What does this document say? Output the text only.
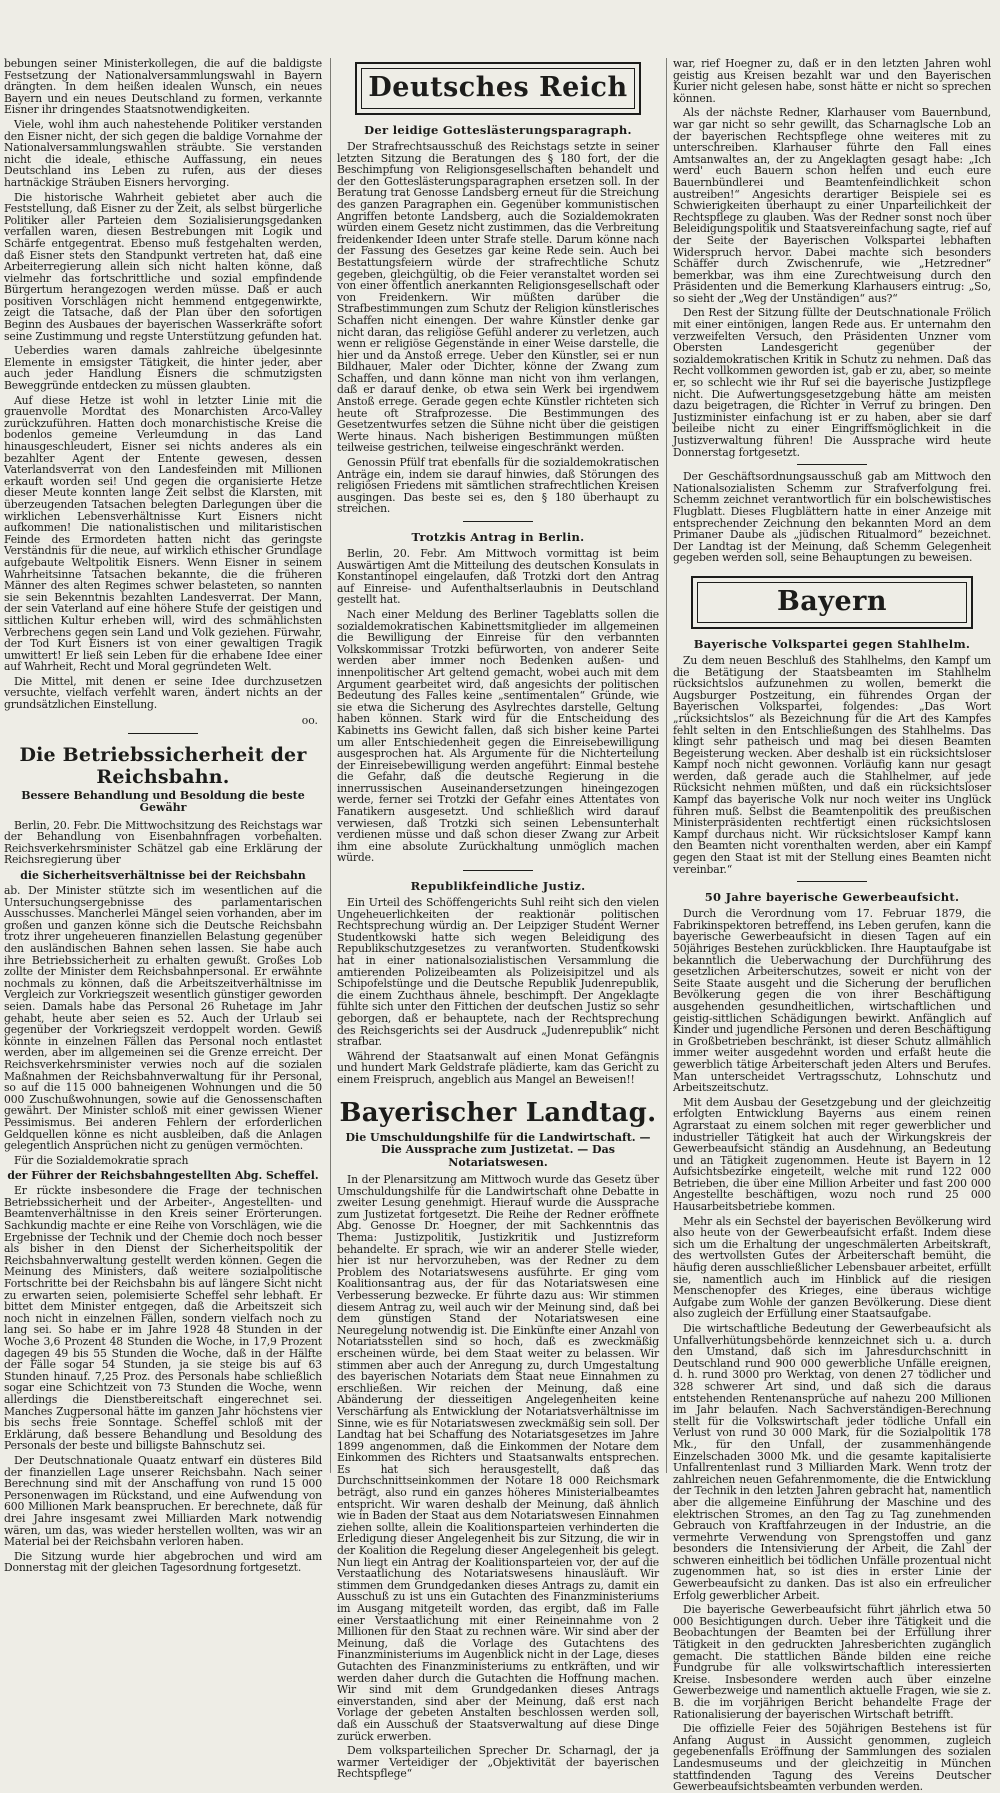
bebungen seiner Ministerkollegen, die auf die baldigste Festsetzung der Nationalversammlungswahl in Bayern drängten. In dem heißen idealen Wunsch, ein neues Bayern und ein neues Deutschland zu formen, verkannte Eisner ihr dringendes Staatsnotwendigkeiten.

Viele, wohl ihm auch nahestehende Politiker verstanden den Eisner nicht, der sich gegen die baldige Vornahme der Nationalversammlungswahlen sträubte. Sie verstanden nicht die ideale, ethische Auffassung, ein neues Deutschland ins Leben zu rufen, aus der dieses hartnäckige Sträuben Eisners hervorging.

Die historische Wahrheit gebietet aber auch die Feststellung, daß Eisner zu der Zeit, als selbst bürgerliche Politiker aller Parteien dem Sozialisierungsgedanken verfallen waren, diesen Bestrebungen mit Logik und Schärfe entgegentrat. Ebenso muß festgehalten werden, daß Eisner stets den Standpunkt vertreten hat, daß eine Arbeiterregierung allein sich nicht halten könne, daß vielmehr das fortschrittliche und sozial empfindende Bürgertum herangezogen werden müsse. Daß er auch positiven Vorschlägen nicht hemmend entgegenwirkte, zeigt die Tatsache, daß der Plan über den sofortigen Beginn des Ausbaues der bayerischen Wasserkräfte sofort seine Zustimmung und regste Unterstützung gefunden hat.

Ueberdies waren damals zahlreiche übelgesinnte Elemente in emsigster Tätigkeit, die hinter jeder, aber auch jeder Handlung Eisners die schmutzigsten Beweggründe entdecken zu müssen glaubten.

Auf diese Hetze ist wohl in letzter Linie mit die grauenvolle Mordtat des Monarchisten Arco-Valley zurückzuführen. Hatten doch monarchistische Kreise die bodenlos gemeine Verleumdung in das Land hinausgeschleudert, Eisner sei nichts anderes als ein bezahlter Agent der Entente gewesen, dessen Vaterlandsverrat von den Landesfeinden mit Millionen erkauft worden sei! Und gegen die organisierte Hetze dieser Meute konnten lange Zeit selbst die Klarsten, mit überzeugenden Tatsachen belegten Darlegungen über die wirklichen Lebensverhältnisse Kurt Eisners nicht aufkommen! Die nationalistischen und militaristischen Feinde des Ermordeten hatten nicht das geringste Verständnis für die neue, auf wirklich ethischer Grundlage aufgebaute Weltpolitik Eisners. Wenn Eisner in seinem Wahrheitsinne Tatsachen bekannte, die die früheren Männer des alten Regimes schwer belasteten, so nannten sie sein Bekenntnis bezahlten Landesverrat. Der Mann, der sein Vaterland auf eine höhere Stufe der geistigen und sittlichen Kultur erheben will, wird des schmählichsten Verbrechens gegen sein Land und Volk geziehen. Fürwahr, der Tod Kurt Eisners ist von einer gewaltigen Tragik umwittert! Er ließ sein Leben für die erhabene Idee einer auf Wahrheit, Recht und Moral gegründeten Welt.

Die Mittel, mit denen er seine Idee durchzusetzen versuchte, vielfach verfehlt waren, ändert nichts an der grundsätzlichen Einstellung.

oo.
Die Betriebssicherheit der Reichsbahn.
Bessere Behandlung und Besoldung die beste Gewähr

Berlin, 20. Febr. Die Mittwochsitzung des Reichstags war der Behandlung von Eisenbahnfragen vorbehalten. Reichsverkehrsminister Schätzel gab eine Erklärung der Reichsregierung über

die Sicherheitsverhältnisse bei der Reichsbahn

ab. Der Minister stützte sich im wesentlichen auf die Untersuchungsergebnisse des parlamentarischen Ausschusses. Mancherlei Mängel seien vorhanden, aber im großen und ganzen könne sich die Deutsche Reichsbahn trotz ihrer ungeheueren finanziellen Belastung gegenüber den ausländischen Bahnen sehen lassen. Sie habe auch ihre Betriebssicherheit zu erhalten gewußt. Großes Lob zollte der Minister dem Reichsbahnpersonal. Er erwähnte nochmals zu können, daß die Arbeitszeitverhältnisse im Vergleich zur Vorkriegszeit wesentlich günstiger geworden seien. Damals habe das Personal 26 Ruhetage im Jahr gehabt, heute aber seien es 52. Auch der Urlaub sei gegenüber der Vorkriegszeit verdoppelt worden. Gewiß könnte in einzelnen Fällen das Personal noch entlastet werden, aber im allgemeinen sei die Grenze erreicht. Der Reichsverkehrsminister verwies noch auf die sozialen Maßnahmen der Reichsbahnverwaltung für ihr Personal, so auf die 115 000 bahneigenen Wohnungen und die 50 000 Zuschußwohnungen, sowie auf die Genossenschaften gewährt. Der Minister schloß mit einer gewissen Wiener Pessimismus. Bei anderen Fehlern der erforderlichen Geldquellen könne es nicht ausbleiben, daß die Anlagen gelegentlich Ansprüchen nicht zu genügen vermöchten.

Für die Sozialdemokratie sprach

der Führer der Reichsbahngestellten Abg. Scheffel.

Er rückte insbesondere die Frage der technischen Betriebssicherheit und der Arbeiter-, Angestellten- und Beamtenverhältnisse in den Kreis seiner Erörterungen. Sachkundig machte er eine Reihe von Vorschlägen, wie die Ergebnisse der Technik und der Chemie doch noch besser als bisher in den Dienst der Sicherheitspolitik der Reichsbahnverwaltung gestellt werden können. Gegen die Meinung des Ministers, daß weitere sozialpolitische Fortschritte bei der Reichsbahn bis auf längere Sicht nicht zu erwarten seien, polemisierte Scheffel sehr lebhaft. Er bittet dem Minister entgegen, daß die Arbeitszeit sich noch nicht in einzelnen Fällen, sondern vielfach noch zu lang sei. So habe er im Jahre 1928 48 Stunden in der Woche 3,6 Prozent 48 Stunden die Woche, in 17,9 Prozent dagegen 49 bis 55 Stunden die Woche, daß in der Hälfte der Fälle sogar 54 Stunden, ja sie steige bis auf 63 Stunden hinauf. 7,25 Proz. des Personals habe schließlich sogar eine Schichtzeit von 73 Stunden die Woche, wenn allerdings die Dienstbereitschaft eingerechnet sei. Manches Zugpersonal hätte im ganzen Jahr höchstens vier bis sechs freie Sonntage. Scheffel schloß mit der Erklärung, daß bessere Behandlung und Besoldung des Personals der beste und billigste Bahnschutz sei.

Der Deutschnationale Quaatz entwarf ein düsteres Bild der finanziellen Lage unserer Reichsbahn. Nach seiner Berechnung sind mit der Anschaffung von rund 15 000 Personenwagen im Rückstand, und eine Aufwendung von 600 Millionen Mark beanspruchen. Er berechnete, daß für drei Jahre insgesamt zwei Milliarden Mark notwendig wären, um das, was wieder herstellen wollten, was wir an Material bei der Reichsbahn verloren haben.

Die Sitzung wurde hier abgebrochen und wird am Donnerstag mit der gleichen Tagesordnung fortgesetzt.

Deutsches Reich
Der leidige Gotteslästerungsparagraph.

Der Strafrechtsausschuß des Reichstags setzte in seiner letzten Sitzung die Beratungen des § 180 fort, der die Beschimpfung von Religionsgesellschaften behandelt und der den Gotteslästerungsparagraphen ersetzen soll. In der Beratung trat Genosse Landsberg erneut für die Streichung des ganzen Paragraphen ein. Gegenüber kommunistischen Angriffen betonte Landsberg, auch die Sozialdemokraten würden einem Gesetz nicht zustimmen, das die Verbreitung freidenkender Ideen unter Strafe stelle. Darum könne nach der Fassung des Gesetzes gar keine Rede sein. Auch bei Bestattungsfeiern würde der strafrechtliche Schutz gegeben, gleichgültig, ob die Feier veranstaltet worden sei von einer öffentlich anerkannten Religionsgesellschaft oder von Freidenkern. Wir müßten darüber die Strafbestimmungen zum Schutz der Religion künstlerisches Schaffen nicht einengen. Der wahre Künstler denke gar nicht daran, das religiöse Gefühl anderer zu verletzen, auch wenn er religiöse Gegenstände in einer Weise darstelle, die hier und da Anstoß errege. Ueber den Künstler, sei er nun Bildhauer, Maler oder Dichter, könne der Zwang zum Schaffen, und dann könne man nicht von ihm verlangen, daß er darauf denke, ob etwa sein Werk bei irgendwem Anstoß errege. Gerade gegen echte Künstler richteten sich heute oft Strafprozesse. Die Bestimmungen des Gesetzentwurfes setzen die Sühne nicht über die geistigen Werte hinaus. Nach bisherigen Bestimmungen müßten teilweise gestrichen, teilweise eingeschränkt werden.

Genossin Pfülf trat ebenfalls für die sozialdemokratischen Anträge ein, indem sie darauf hinwies, daß Störungen des religiösen Friedens mit sämtlichen strafrechtlichen Kreisen ausgingen. Das beste sei es, den § 180 überhaupt zu streichen.

Trotzkis Antrag in Berlin.

Berlin, 20. Febr. Am Mittwoch vormittag ist beim Auswärtigen Amt die Mitteilung des deutschen Konsulats in Konstantinopel eingelaufen, daß Trotzki dort den Antrag auf Einreise- und Aufenthaltserlaubnis in Deutschland gestellt hat.

Nach einer Meldung des Berliner Tageblatts sollen die sozialdemokratischen Kabinettsmitglieder im allgemeinen die Bewilligung der Einreise für den verbannten Volkskommissar Trotzki befürworten, von anderer Seite werden aber immer noch Bedenken außen- und innenpolitischer Art geltend gemacht, wobei auch mit dem Argument gearbeitet wird, daß angesichts der politischen Bedeutung des Falles keine „sentimentalen“ Gründe, wie sie etwa die Sicherung des Asylrechtes darstelle, Geltung haben können. Stark wird für die Entscheidung des Kabinetts ins Gewicht fallen, daß sich bisher keine Partei um aller Entschiedenheit gegen die Einreisebewilligung ausgesprochen hat. Als Argumente für die Nichterteilung der Einreisebewilligung werden angeführt: Einmal bestehe die Gefahr, daß die deutsche Regierung in die innerrussischen Auseinandersetzungen hineingezogen werde, ferner sei Trotzki der Gefahr eines Attentates von Fanatikern ausgesetzt. Und schließlich wird darauf verwiesen, daß Trotzki sich seinen Lebensunterhalt verdienen müsse und daß schon dieser Zwang zur Arbeit ihm eine absolute Zurückhaltung unmöglich machen würde.

Republikfeindliche Justiz.

Ein Urteil des Schöffengerichts Suhl reiht sich den vielen Ungeheuerlichkeiten der reaktionär politischen Rechtsprechung würdig an. Der Leipziger Student Werner Studentkowski hatte sich wegen Beleidigung des Republikschutzgesetzes zu verantworten. Studentkowski hat in einer nationalsozialistischen Versammlung die amtierenden Polizeibeamten als Polizeisipitzel und als Schipofelstünge und die Deutsche Republik Judenrepublik, die einem Zuchthaus ähnele, beschimpft. Der Angeklagte fühlte sich unter den Fittichen der deutschen Justiz so sehr geborgen, daß er behauptete, nach der Rechtsprechung des Reichsgerichts sei der Ausdruck „Judenrepublik“ nicht strafbar.

Während der Staatsanwalt auf einen Monat Gefängnis und hundert Mark Geldstrafe plädierte, kam das Gericht zu einem Freispruch, angeblich aus Mangel an Beweisen!!

Bayerischer Landtag.
Die Umschuldungshilfe für die Landwirtschaft. — Die Aussprache zum Justizetat. — Das Notariatswesen.

In der Plenarsitzung am Mittwoch wurde das Gesetz über Umschuldungshilfe für die Landwirtschaft ohne Debatte in zweiter Lesung genehmigt. Hierauf wurde die Aussprache zum Justizetat fortgesetzt. Die Reihe der Redner eröffnete Abg. Genosse Dr. Hoegner, der mit Sachkenntnis das Thema: Justizpolitik, Justizkritik und Justizreform behandelte. Er sprach, wie wir an anderer Stelle wieder, hier ist nur hervorzuheben, was der Redner zu dem Problem des Notariatswesens ausführte. Er ging vom Koalitionsantrag aus, der für das Notariatswesen eine Verbesserung bezwecke. Er führte dazu aus: Wir stimmen diesem Antrag zu, weil auch wir der Meinung sind, daß bei dem günstigen Stand der Notariatswesen eine Neuregelung notwendig ist. Die Einkünfte einer Anzahl von Notariatsstellen sind so hoch, daß es zweckmäßig erscheinen würde, bei dem Staat weiter zu belassen. Wir stimmen aber auch der Anregung zu, durch Umgestaltung des bayerischen Notariats dem Staat neue Einnahmen zu erschließen. Wir reichen der Meinung, daß eine Abänderung der diesseitigen Angelegenheiten keine Verschärfung als Entwicklung der Notariatsverhältnisse im Sinne, wie es für Notariatswesen zweckmäßig sein soll. Der Landtag hat bei Schaffung des Notariatsgesetzes im Jahre 1899 angenommen, daß die Einkommen der Notare dem Einkommen des Richters und Staatsanwalts entsprechen. Es hat sich herausgestellt, daß das Durchschnittseinkommen der Notare 18 000 Reichsmark beträgt, also rund ein ganzes höheres Ministerialbeamtes entspricht. Wir waren deshalb der Meinung, daß ähnlich wie in Baden der Staat aus dem Notariatswesen Einnahmen ziehen sollte, allein die Koalitionsparteien verhinderten die Erledigung dieser Angelegenheit bis zur Sitzung, die wir in der Koalition die Regelung dieser Angelegenheit bis gelegt. Nun liegt ein Antrag der Koalitionsparteien vor, der auf die Verstaatlichung des Notariatswesens hinausläuft. Wir stimmen dem Grundgedanken dieses Antrags zu, damit ein Ausschuß zu ist uns ein Gutachten des Finanzministeriums im Ausgang mitgeteilt worden, das ergibt, daß im Falle einer Verstaatlichung mit einer Reineinnahme von 2 Millionen für den Staat zu rechnen wäre. Wir sind aber der Meinung, daß die Vorlage des Gutachtens des Finanzministeriums im Augenblick nicht in der Lage, dieses Gutachten des Finanzministeriums zu entkräften, und wir werden daher durch die Gutachten die Hoffnung machen. Wir sind mit dem Grundgedanken dieses Antrags einverstanden, sind aber der Meinung, daß erst nach Vorlage der gebeten Anstalten beschlossen werden soll, daß ein Ausschuß der Staatsverwaltung auf diese Dinge zurück erwerben.

Dem volksparteilichen Sprecher Dr. Scharnagl, der ja warmer Verteidiger der „Objektivität der bayerischen Rechtspflege“

war, rief Hoegner zu, daß er in den letzten Jahren wohl geistig aus Kreisen bezahlt war und den Bayerischen Kurier nicht gelesen habe, sonst hätte er nicht so sprechen können.

Als der nächste Redner, Klarhauser vom Bauernbund, war gar nicht so sehr gewillt, das Scharnaglsche Lob an der bayerischen Rechtspflege ohne weiteres mit zu unterschreiben. Klarhauser führte den Fall eines Amtsanwaltes an, der zu Angeklagten gesagt habe: „Ich werd' euch Bauern schon helfen und euch eure Bauernbündlerei und Beamtenfeindlichkeit schon austreiben!“ Angesichts derartiger Beispiele sei es Schwierigkeiten überhaupt zu einer Unparteilichkeit der Rechtspflege zu glauben. Was der Redner sonst noch über Beleidigungspolitik und Staatsvereinfachung sagte, rief auf der Seite der Bayerischen Volkspartei lebhaften Widerspruch hervor. Dabei machte sich besonders Schäffer durch Zwischenrufe, wie „Hetzredner“ bemerkbar, was ihm eine Zurechtweisung durch den Präsidenten und die Bemerkung Klarhausers eintrug: „So, so sieht der „Weg der Unständigen“ aus?“

Den Rest der Sitzung füllte der Deutschnationale Frölich mit einer eintönigen, langen Rede aus. Er unternahm den verzweifelten Versuch, den Präsidenten Unzner vom Obersten Landesgericht gegenüber der sozialdemokratischen Kritik in Schutz zu nehmen. Daß das Recht vollkommen geworden ist, gab er zu, aber, so meinte er, so schlecht wie ihr Ruf sei die bayerische Justizpflege nicht. Die Aufwertungsgesetzgebung hätte am meisten dazu beigetragen, die Richter in Verruf zu bringen. Den Justizminister einfachung ist er zu haben, aber sie darf beileibe nicht zu einer Eingriffsmöglichkeit in die Justizverwaltung führen! Die Aussprache wird heute Donnerstag fortgesetzt.

Der Geschäftsordnungsausschuß gab am Mittwoch den Nationalsozialisten Schemm zur Strafverfolgung frei. Schemm zeichnet verantwortlich für ein bolschewistisches Flugblatt. Dieses Flugblättern hatte in einer Anzeige mit entsprechender Zeichnung den bekannten Mord an dem Primaner Daube als „jüdischen Ritualmord“ bezeichnet. Der Landtag ist der Meinung, daß Schemm Gelegenheit gegeben werden soll, seine Behauptungen zu beweisen.

Bayern
Bayerische Volkspartei gegen Stahlhelm.

Zu dem neuen Beschluß des Stahlhelms, den Kampf um die Betätigung der Staatsbeamten im Stahlhelm rücksichtslos aufzunehmen zu wollen, bemerkt die Augsburger Postzeitung, ein führendes Organ der Bayerischen Volkspartei, folgendes: „Das Wort „rücksichtslos“ als Bezeichnung für die Art des Kampfes fehlt selten in den Entschließungen des Stahlhelms. Das klingt sehr patheisch und mag bei diesen Beamten Begeisterung wecken. Aber deshalb ist ein rücksichtsloser Kampf noch nicht gewonnen. Vorläufig kann nur gesagt werden, daß gerade auch die Stahlhelmer, auf jede Rücksicht nehmen müßten, und daß ein rücksichtsloser Kampf das bayerische Volk nur noch weiter ins Unglück führen muß. Selbst die Beamtenpolitik des preußischen Ministerpräsidenten rechtfertigt einen rücksichtslosen Kampf durchaus nicht. Wir rücksichtsloser Kampf kann den Beamten nicht vorenthalten werden, aber ein Kampf gegen den Staat ist mit der Stellung eines Beamten nicht vereinbar.“

50 Jahre bayerische Gewerbeaufsicht.

Durch die Verordnung vom 17. Februar 1879, die Fabrikinspektoren betreffend, ins Leben gerufen, kann die bayerische Gewerbeaufsicht in diesen Tagen auf ein 50jähriges Bestehen zurückblicken. Ihre Hauptaufgabe ist bekanntlich die Ueberwachung der Durchführung des gesetzlichen Arbeiterschutzes, soweit er nicht von der Seite Staate ausgeht und die Sicherung der beruflichen Bevölkerung gegen die von ihrer Beschäftigung ausgehenden gesundheitlichen, wirtschaftlichen und geistig-sittlichen Schädigungen bewirkt. Anfänglich auf Kinder und jugendliche Personen und deren Beschäftigung in Großbetrieben beschränkt, ist dieser Schutz allmählich immer weiter ausgedehnt worden und erfaßt heute die gewerblich tätige Arbeiterschaft jeden Alters und Berufes. Man unterscheidet Vertragsschutz, Lohnschutz und Arbeitszeitschutz.

Mit dem Ausbau der Gesetzgebung und der gleichzeitig erfolgten Entwicklung Bayerns aus einem reinen Agrarstaat zu einem solchen mit reger gewerblicher und industrieller Tätigkeit hat auch der Wirkungskreis der Gewerbeaufsicht ständig an Ausdehnung, an Bedeutung und an Tätigkeit zugenommen. Heute ist Bayern in 12 Aufsichtsbezirke eingeteilt, welche mit rund 122 000 Betrieben, die über eine Million Arbeiter und fast 200 000 Angestellte beschäftigen, wozu noch rund 25 000 Hausarbeitsbetriebe kommen.

Mehr als ein Sechstel der bayerischen Bevölkerung wird also heute von der Gewerbeaufsicht erfaßt. Indem diese sich um die Erhaltung der ungeschmälerten Arbeitskraft, des wertvollsten Gutes der Arbeiterschaft bemüht, die häufig deren ausschließlicher Lebensbauer arbeitet, erfüllt sie, namentlich auch im Hinblick auf die riesigen Menschenopfer des Krieges, eine überaus wichtige Aufgabe zum Wohle der ganzen Bevölkerung. Diese dient also zugleich der Erfüllung einer Staatsaufgabe.

Die wirtschaftliche Bedeutung der Gewerbeaufsicht als Unfallverhütungsbehörde kennzeichnet sich u. a. durch den Umstand, daß sich im Jahresdurchschnitt in Deutschland rund 900 000 gewerbliche Unfälle ereignen, d. h. rund 3000 pro Werktag, von denen 27 tödlicher und 328 schwerer Art sind, und daß sich die daraus entstehenden Rentenansprüche auf nahezu 200 Millionen im Jahr belaufen. Nach Sachverständigen-Berechnung stellt für die Volkswirtschaft jeder tödliche Unfall ein Verlust von rund 30 000 Mark, für die Sozialpolitik 178 Mk., für den Unfall, der zusammenhängende Einzelschaden 3000 Mk. und die gesamte kapitalisierte Unfallrentenlast rund 3 Milliarden Mark. Wenn trotz der zahlreichen neuen Gefahrenmomente, die die Entwicklung der Technik in den letzten Jahren gebracht hat, namentlich aber die allgemeine Einführung der Maschine und des elektrischen Stromes, an den Tag zu Tag zunehmenden Gebrauch von Kraftfahrzeugen in der Industrie, an die vermehrte Verwendung von Sprengstoffen und ganz besonders die Intensivierung der Arbeit, die Zahl der schweren einheitlich bei tödlichen Unfälle prozentual nicht zugenommen hat, so ist dies in erster Linie der Gewerbeaufsicht zu danken. Das ist also ein erfreulicher Erfolg gewerblicher Arbeit.

Die bayerische Gewerbeaufsicht führt jährlich etwa 50 000 Besichtigungen durch. Ueber ihre Tätigkeit und die Beobachtungen der Beamten bei der Erfüllung ihrer Tätigkeit in den gedruckten Jahresberichten zugänglich gemacht. Die stattlichen Bände bilden eine reiche Fundgrube für alle volkswirtschaftlich interessierten Kreise. Insbesondere werden auch über einzelne Gewerbezweige und namentlich aktuelle Fragen, wie sie z. B. die im vorjährigen Bericht behandelte Frage der Rationalisierung der bayerischen Wirtschaft betrifft.

Die offizielle Feier des 50jährigen Bestehens ist für Anfang August in Aussicht genommen, zugleich gegebenenfalls Eröffnung der Sammlungen des sozialen Landesmuseums und der gleichzeitig in München stattfindenden Tagung des Vereins Deutscher Gewerbeaufsichtsbeamten verbunden werden.
